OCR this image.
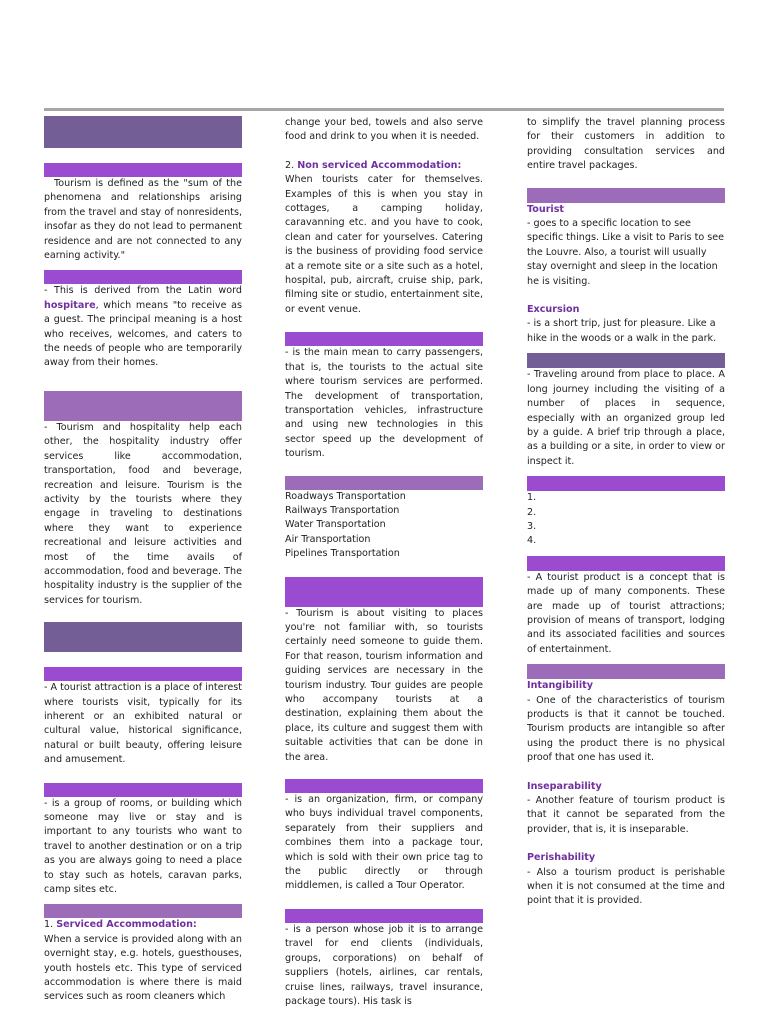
Tourism is defined as the "sum of the phenomena and relationships arising from the travel and stay of nonresidents, insofar as they do not lead to permanent residence and are not connected to any earning activity."

- This is derived from the Latin word hospitare, which means "to receive as a guest. The principal meaning is a host who receives, welcomes, and caters to the needs of people who are temporarily away from their homes.

- Tourism and hospitality help each other, the hospitality industry offer services like accommodation, transportation, food and beverage, recreation and leisure. Tourism is the activity by the tourists where they engage in traveling to destinations where they want to experience recreational and leisure activities and most of the time avails of accommodation, food and beverage. The hospitality industry is the supplier of the services for tourism.

- A tourist attraction is a place of interest where tourists visit, typically for its inherent or an exhibited natural or cultural value, historical significance, natural or built beauty, offering leisure and amusement.

- is a group of rooms, or building which someone may live or stay and is important to any tourists who want to travel to another destination or on a trip as you are always going to need a place to stay such as hotels, caravan parks, camp sites etc.

1. Serviced Accommodation:

When a service is provided along with an overnight stay, e.g. hotels, guesthouses, youth hostels etc. This type of serviced accommodation is where there is maid services such as room cleaners which

change your bed, towels and also serve food and drink to you when it is needed.

2. Non serviced Accommodation:

When tourists cater for themselves. Examples of this is when you stay in cottages, a camping holiday, caravanning etc. and you have to cook, clean and cater for yourselves. Catering is the business of providing food service at a remote site or a site such as a hotel, hospital, pub, aircraft, cruise ship, park, filming site or studio, entertainment site, or event venue.

- is the main mean to carry passengers, that is, the tourists to the actual site where tourism services are performed. The development of transportation, transportation vehicles, infrastructure and using new technologies in this sector speed up the development of tourism.

Roadways Transportation

Railways Transportation

Water Transportation

Air Transportation

Pipelines Transportation

- Tourism is about visiting to places you're not familiar with, so tourists certainly need someone to guide them. For that reason, tourism information and guiding services are necessary in the tourism industry. Tour guides are people who accompany tourists at a destination, explaining them about the place, its culture and suggest them with suitable activities that can be done in the area.

- is an organization, firm, or company who buys individual travel components, separately from their suppliers and combines them into a package tour, which is sold with their own price tag to the public directly or through middlemen, is called a Tour Operator.

- is a person whose job it is to arrange travel for end clients (individuals, groups, corporations) on behalf of suppliers (hotels, airlines, car rentals, cruise lines, railways, travel insurance, package tours). His task is

to simplify the travel planning process for their customers in addition to providing consultation services and entire travel packages.

Tourist

- goes to a specific location to see specific things. Like a visit to Paris to see the Louvre. Also, a tourist will usually stay overnight and sleep in the location he is visiting.

Excursion

- is a short trip, just for pleasure. Like a hike in the woods or a walk in the park.

- Traveling around from place to place. A long journey including the visiting of a number of places in sequence, especially with an organized group led by a guide. A brief trip through a place, as a building or a site, in order to view or inspect it.

1.

2.

3.

4.

- A tourist product is a concept that is made up of many components. These are made up of tourist attractions; provision of means of transport, lodging and its associated facilities and sources of entertainment.

Intangibility

- One of the characteristics of tourism products is that it cannot be touched. Tourism products are intangible so after using the product there is no physical proof that one has used it.

Inseparability

- Another feature of tourism product is that it cannot be separated from the provider, that is, it is inseparable.

Perishability

- Also a tourism product is perishable when it is not consumed at the time and point that it is provided.
